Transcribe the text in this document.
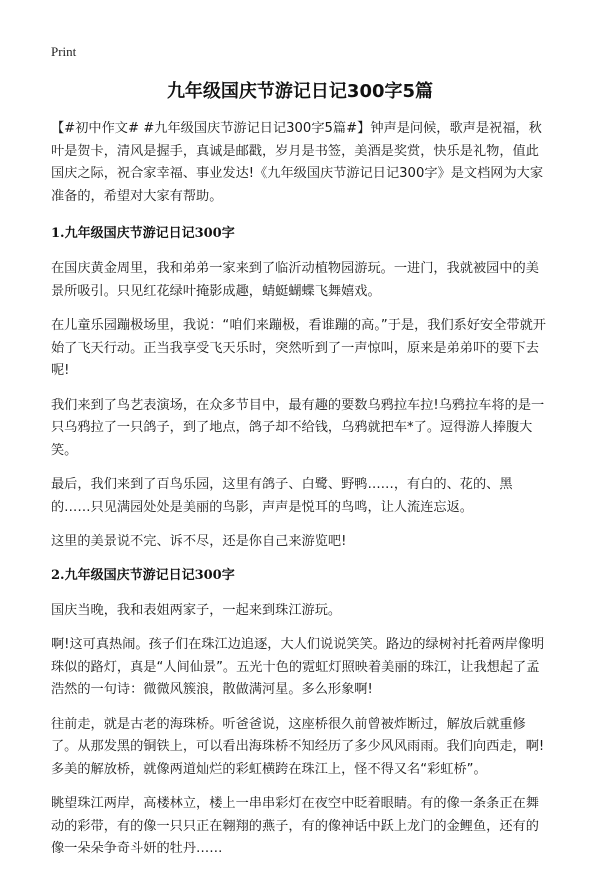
Print
九年级国庆节游记日记300字5篇

【#初中作文# #九年级国庆节游记日记300字5篇#】钟声是问候，歌声是祝福，秋叶是贺卡，清风是握手，真诚是邮戳，岁月是书签，美酒是奖赏，快乐是礼物，值此国庆之际，祝合家幸福、事业发达!《九年级国庆节游记日记300字》是文档网为大家准备的，希望对大家有帮助。

1.九年级国庆节游记日记300字

在国庆黄金周里，我和弟弟一家来到了临沂动植物园游玩。一进门，我就被园中的美景所吸引。只见红花绿叶掩影成趣，蜻蜓蝴蝶飞舞嬉戏。

在儿童乐园蹦极场里，我说：“咱们来蹦极，看谁蹦的高。”于是，我们系好安全带就开始了飞天行动。正当我享受飞天乐时，突然听到了一声惊叫，原来是弟弟吓的要下去呢!

我们来到了鸟艺表演场，在众多节目中，最有趣的要数乌鸦拉车拉!乌鸦拉车将的是一只乌鸦拉了一只鸽子，到了地点，鸽子却不给钱，乌鸦就把车*了。逗得游人捧腹大笑。

最后，我们来到了百鸟乐园，这里有鸽子、白鹭、野鸭……，有白的、花的、黑的……只见满园处处是美丽的鸟影，声声是悦耳的鸟鸣，让人流连忘返。

这里的美景说不完、诉不尽，还是你自己来游览吧!

2.九年级国庆节游记日记300字

国庆当晚，我和表姐两家子，一起来到珠江游玩。

啊!这可真热闹。孩子们在珠江边追逐，大人们说说笑笑。路边的绿树衬托着两岸像明珠似的路灯，真是“人间仙景”。五光十色的霓虹灯照映着美丽的珠江，让我想起了孟浩然的一句诗：微微风簇浪，散做满河星。多么形象啊!

往前走，就是古老的海珠桥。听爸爸说，这座桥很久前曾被炸断过，解放后就重修了。从那发黑的铜铁上，可以看出海珠桥不知经历了多少风风雨雨。我们向西走，啊!多美的解放桥，就像两道灿烂的彩虹横跨在珠江上，怪不得又名“彩虹桥”。

眺望珠江两岸，高楼林立，楼上一串串彩灯在夜空中眨着眼睛。有的像一条条正在舞动的彩带，有的像一只只正在翱翔的燕子，有的像神话中跃上龙门的金鲤鱼，还有的像一朵朵争奇斗妍的牡丹……
